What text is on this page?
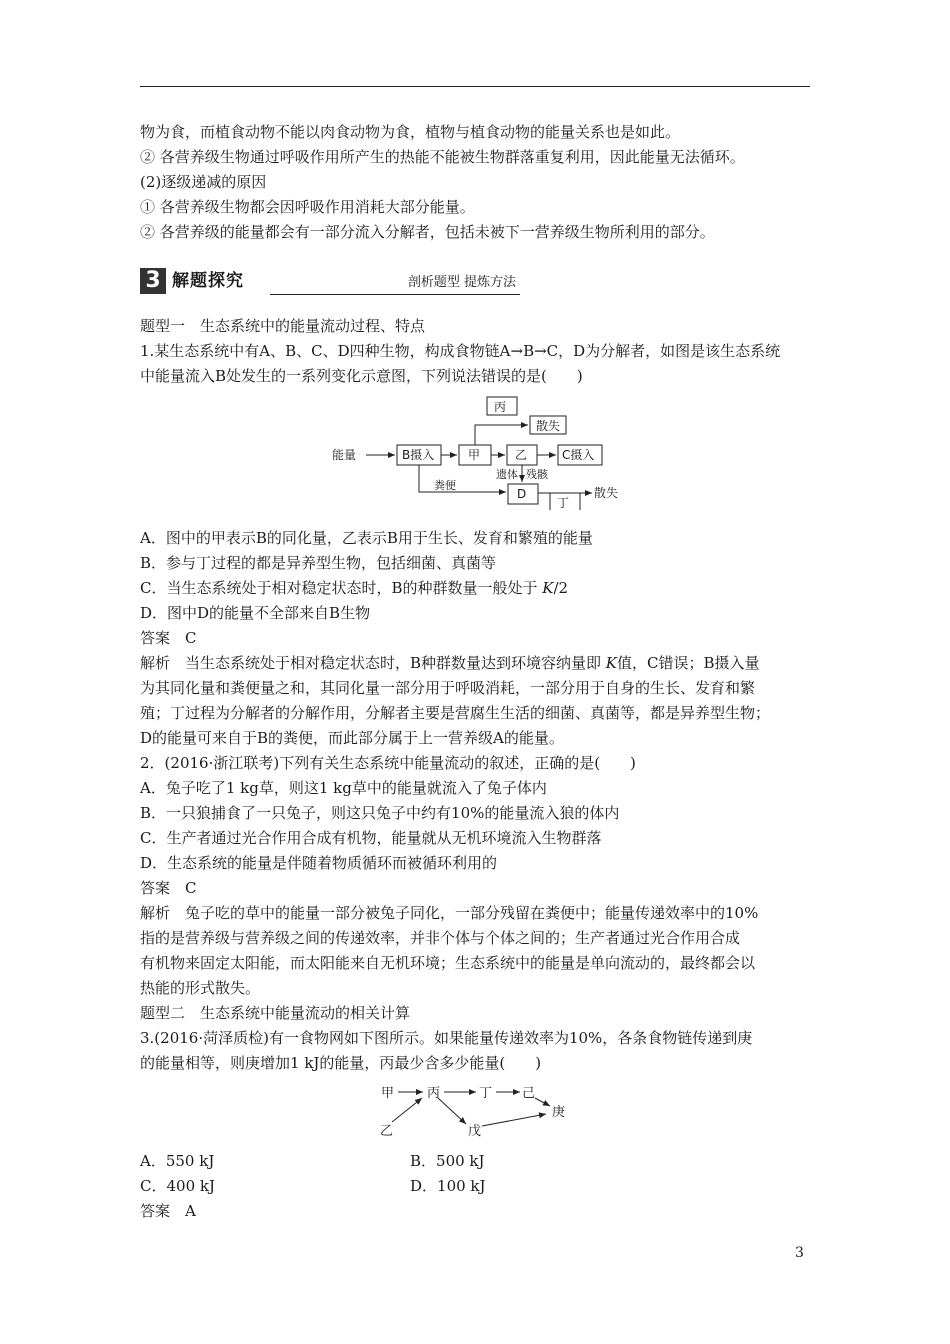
物为食，而植食动物不能以肉食动物为食，植物与植食动物的能量关系也是如此。
② 各营养级生物通过呼吸作用所产生的热能不能被生物群落重复利用，因此能量无法循环。
(2)逐级递减的原因
① 各营养级生物都会因呼吸作用消耗大部分能量。
② 各营养级的能量都会有一部分流入分解者，包括未被下一营养级生物所利用的部分。
3 解题探究	剖析题型 提炼方法
题型一　生态系统中的能量流动过程、特点
1.某生态系统中有A、B、C、D四种生物，构成食物链A→B→C，D为分解者，如图是该生态系统
中能量流入B处发生的一系列变化示意图，下列说法错误的是(　　)
能量	B摄入	甲	乙	C摄入
丙
散失
D
丁
散失
粪便
遗体 残骸
A．图中的甲表示B的同化量，乙表示B用于生长、发育和繁殖的能量
B．参与丁过程的都是异养型生物，包括细菌、真菌等
C．当生态系统处于相对稳定状态时，B的种群数量一般处于 K/2
D．图中D的能量不全部来自B生物
答案　C
解析　当生态系统处于相对稳定状态时，B种群数量达到环境容纳量即 K值，C错误；B摄入量
为其同化量和粪便量之和，其同化量一部分用于呼吸消耗，一部分用于自身的生长、发育和繁
殖；丁过程为分解者的分解作用，分解者主要是营腐生生活的细菌、真菌等，都是异养型生物；
D的能量可来自于B的粪便，而此部分属于上一营养级A的能量。
2．(2016·浙江联考)下列有关生态系统中能量流动的叙述，正确的是(　　)
A．兔子吃了1 kg草，则这1 kg草中的能量就流入了兔子体内
B．一只狼捕食了一只兔子，则这只兔子中约有10%的能量流入狼的体内
C．生产者通过光合作用合成有机物，能量就从无机环境流入生物群落
D．生态系统的能量是伴随着物质循环而被循环利用的
答案　C
解析　兔子吃的草中的能量一部分被兔子同化，一部分残留在粪便中；能量传递效率中的10%
指的是营养级与营养级之间的传递效率，并非个体与个体之间的；生产者通过光合作用合成
有机物来固定太阳能，而太阳能来自无机环境；生态系统中的能量是单向流动的，最终都会以
热能的形式散失。
题型二　生态系统中能量流动的相关计算
3.(2016·菏泽质检)有一食物网如下图所示。如果能量传递效率为10%，各条食物链传递到庚
的能量相等，则庚增加1 kJ的能量，丙最少含多少能量(　　)
甲	丙	丁 己
乙	戊
庚
A．550 kJ	B．500 kJ
C．400 kJ	D．100 kJ
答案　A
3
